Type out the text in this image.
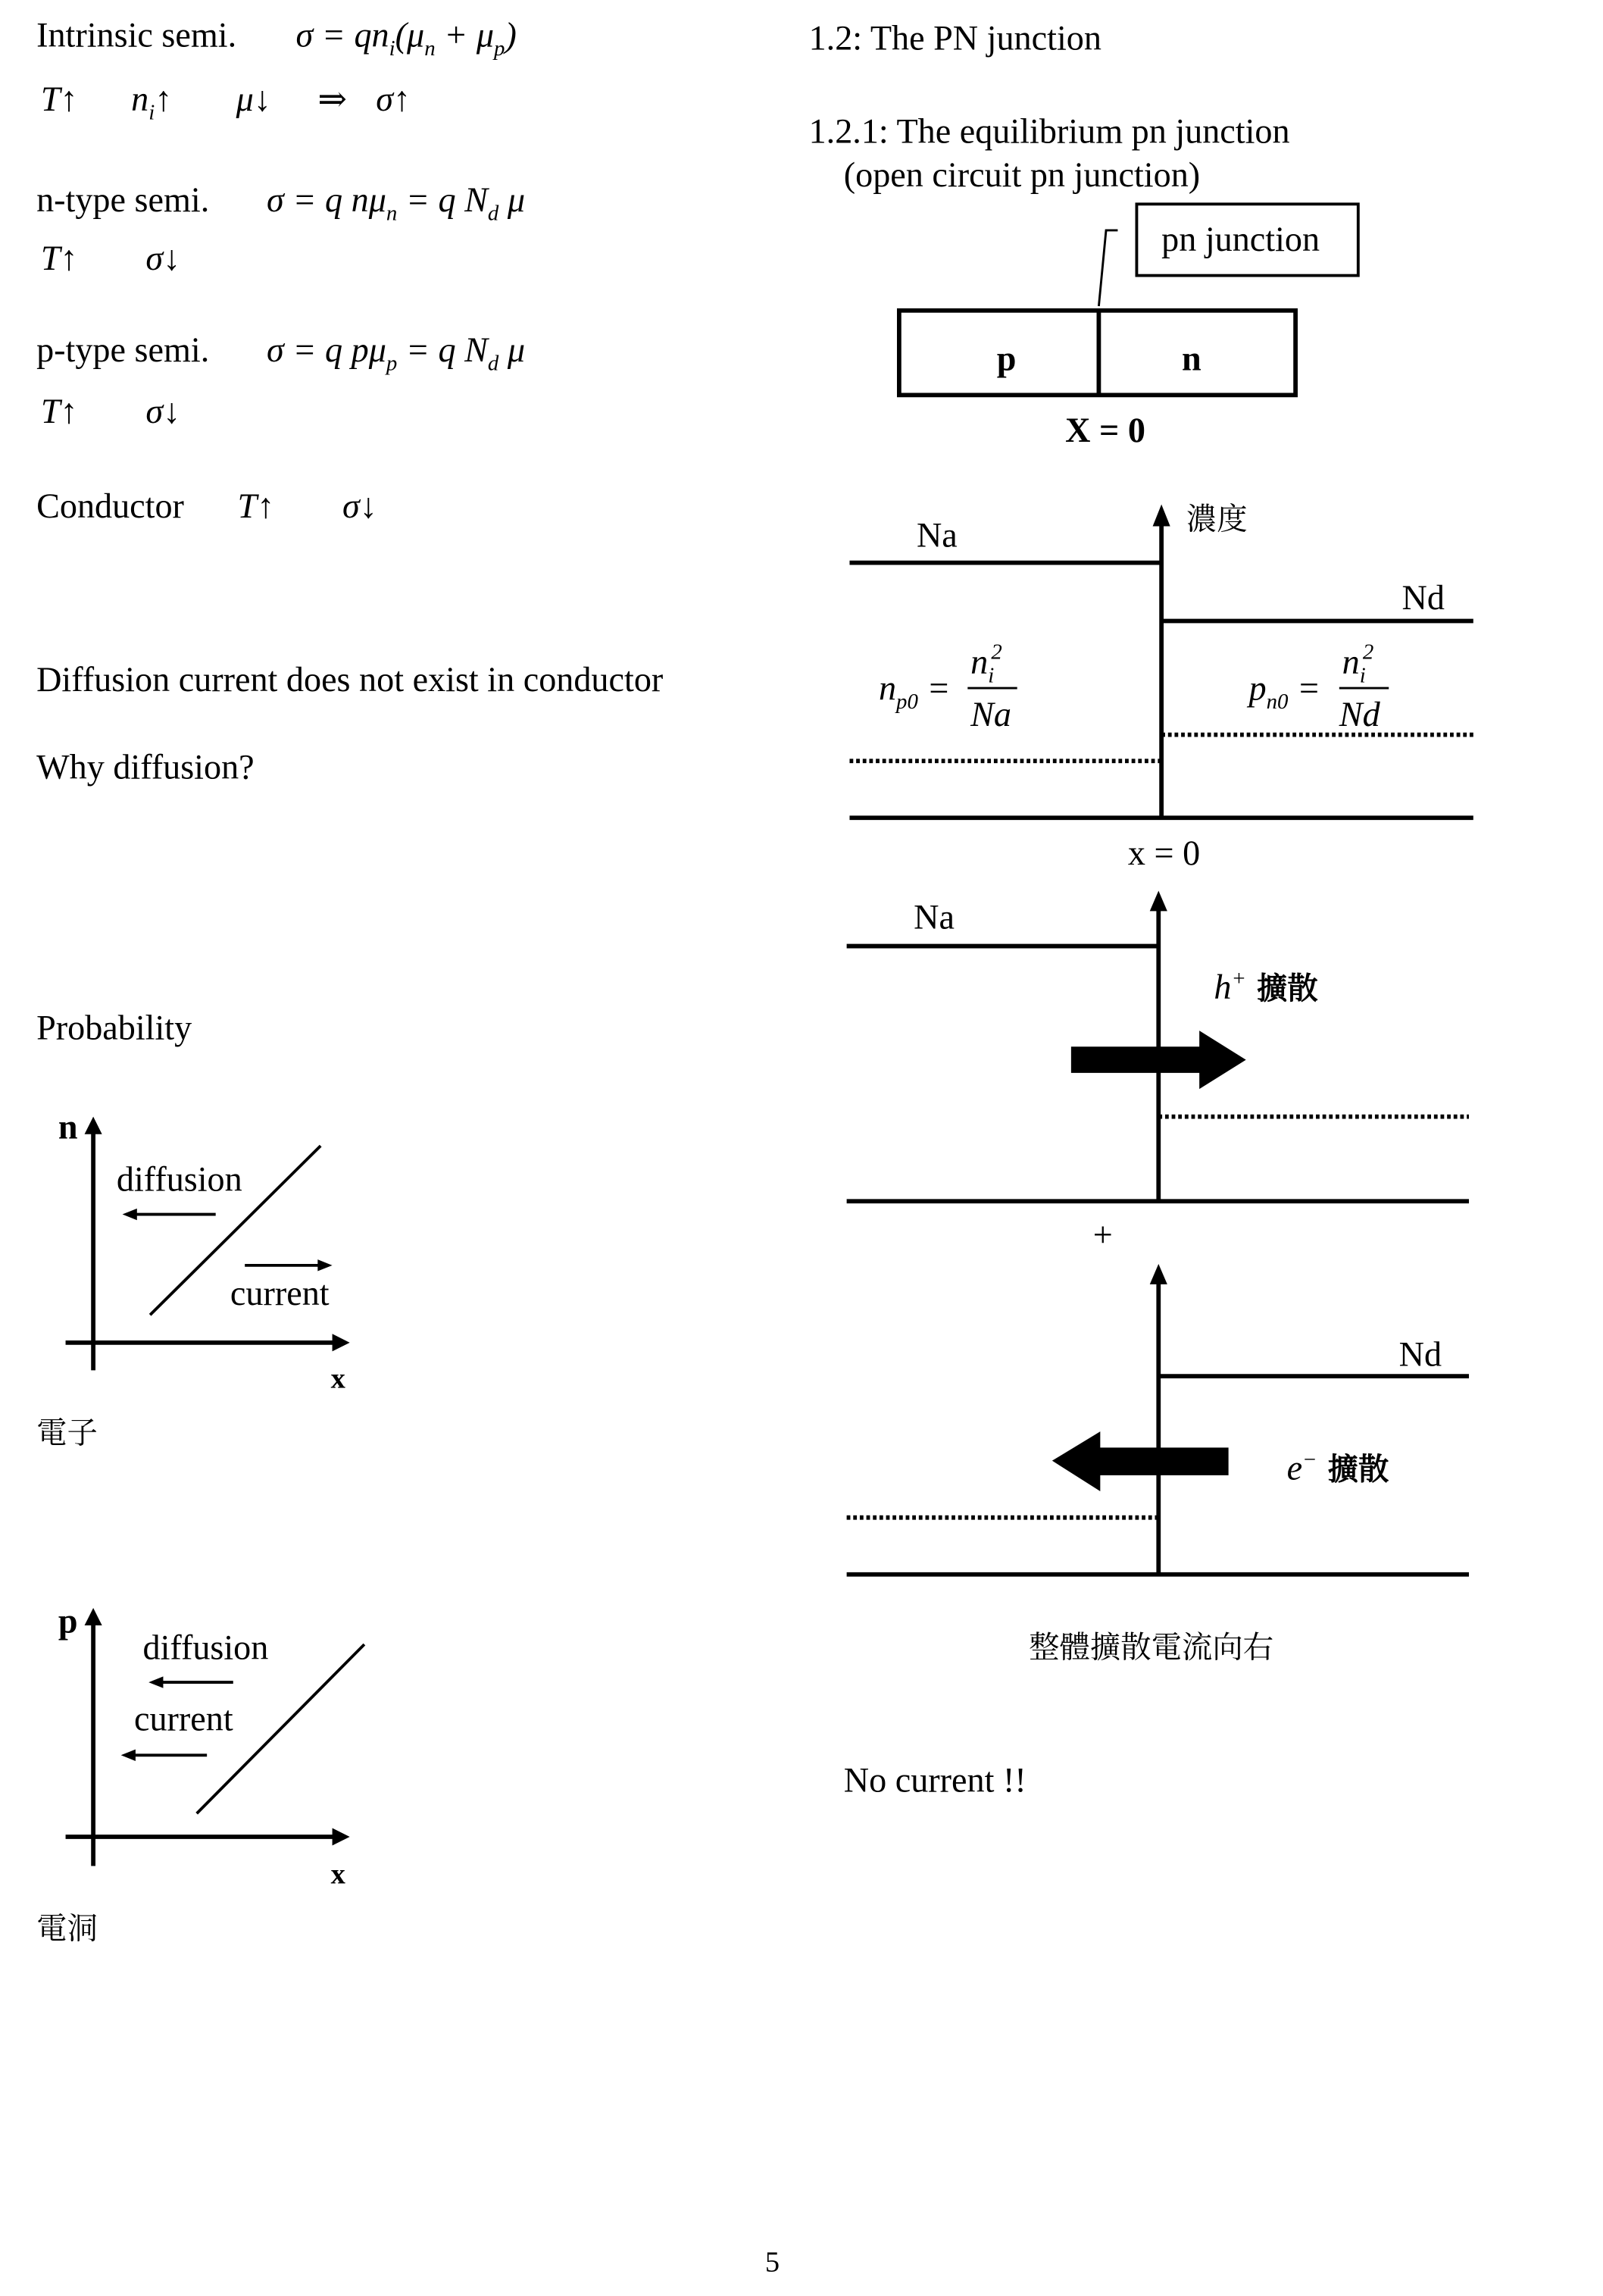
Intrinsic semi.	$\sigma = qn_i(\mu_n + \mu_p)$
T↑	$n_i↑$	μ↓	⇒ σ↑
n-type semi.	σ = q $n\mu_n = q$ $N_d$ μ
T↑	σ↓
p-type semi.	σ = q $p\mu_p = q$ $N_d$ μ
T↑	σ↓
Conductor	T↑	σ↓
Diffusion current does not exist in conductor
Why diffusion?
Probability
n
x
diffusion
current
電子
p
x
diffusion
current
電洞
1.2: The PN junction
1.2.1: The equilibrium pn junction
(open circuit pn junction)
pn junction
p	n
X = 0
濃度
Na
Nd
$n_{p0}$ =
$n_i2$
Na
$p_{n0}$ =
$n_i2$
Nd
x = 0
Na
h+ 擴散
+
Nd
e− 擴散
整體擴散電流向右
No current !!
5
